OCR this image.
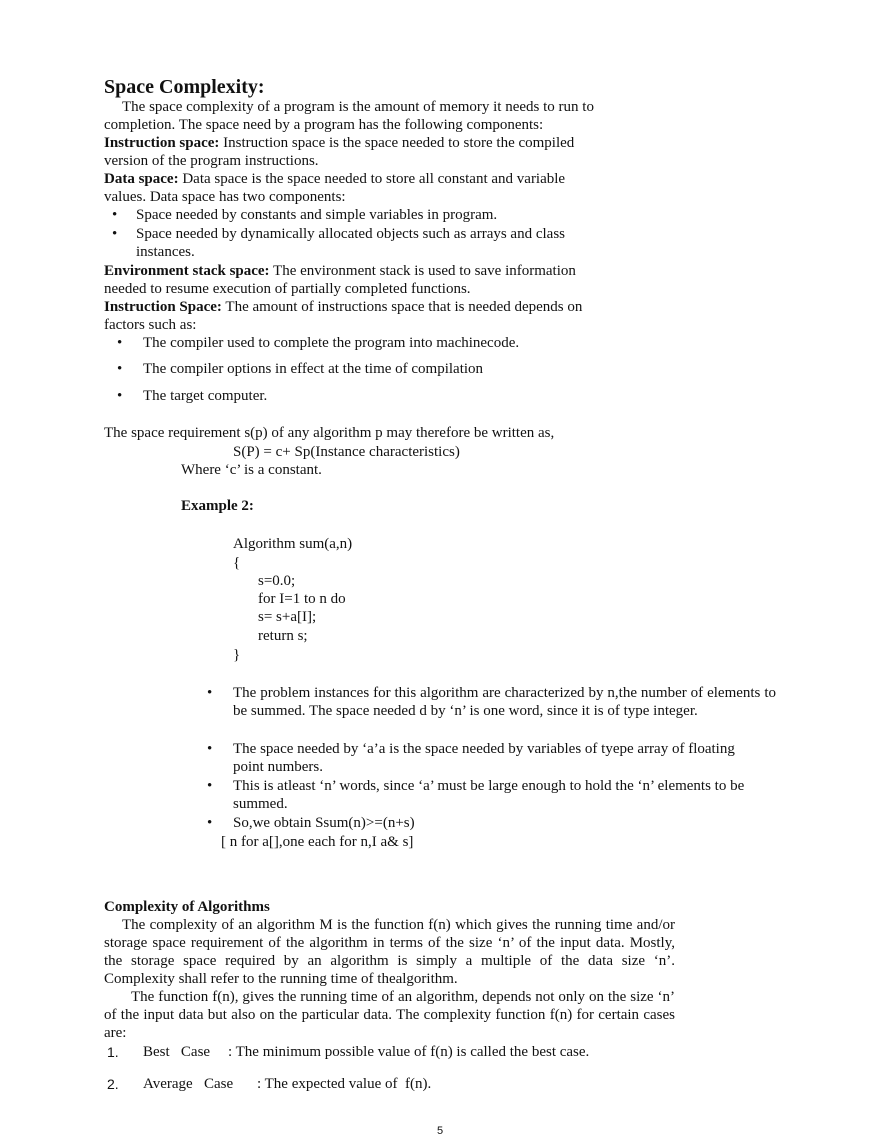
Space Complexity:
The space complexity of a program is the amount of memory it needs to run to
completion. The space need by a program has the following components:
Instruction space: Instruction space is the space needed to store the compiled
version of the program instructions.
Data space: Data space is the space needed to store all constant and variable
values. Data space has two components:
• Space needed by constants and simple variables in program.
• Space needed by dynamically allocated objects such as arrays and class
instances.
Environment stack space: The environment stack is used to save information
needed to resume execution of partially completed functions.
Instruction Space: The amount of instructions space that is needed depends on
factors such as:
• The compiler used to complete the program into machinecode.
• The compiler options in effect at the time of compilation
• The target computer.
The space requirement s(p) of any algorithm p may therefore be written as,
S(P) = c+ Sp(Instance characteristics)
Where ‘c’ is a constant.
Example 2:
Algorithm sum(a,n)
{
s=0.0;
for I=1 to n do
s= s+a[I];
return s;
}
• The problem instances for this algorithm are characterized by n,the number of elements to be summed. The space needed d by ‘n’ is one word, since it is of type integer.
• The space needed by ‘a’a is the space needed by variables of tyepe array of floating point numbers.
• This is atleast ‘n’ words, since ‘a’ must be large enough to hold the ‘n’ elements to be summed.
• So,we obtain Ssum(n)>=(n+s)
[ n for a[],one each for n,I a& s]
Complexity of Algorithms
The complexity of an algorithm M is the function f(n) which gives the running time and/or storage space requirement of the algorithm in terms of the size ‘n’ of the input data. Mostly, the storage space required by an algorithm is simply a multiple of the data size ‘n’. Complexity shall refer to the running time of thealgorithm.
The function f(n), gives the running time of an algorithm, depends not only on the size ‘n’ of the input data but also on the particular data. The complexity function f(n) for certain cases are:
1. Best   Case : The minimum possible value of f(n) is called the best case.
2. Average   Case : The expected value of  f(n).
5
